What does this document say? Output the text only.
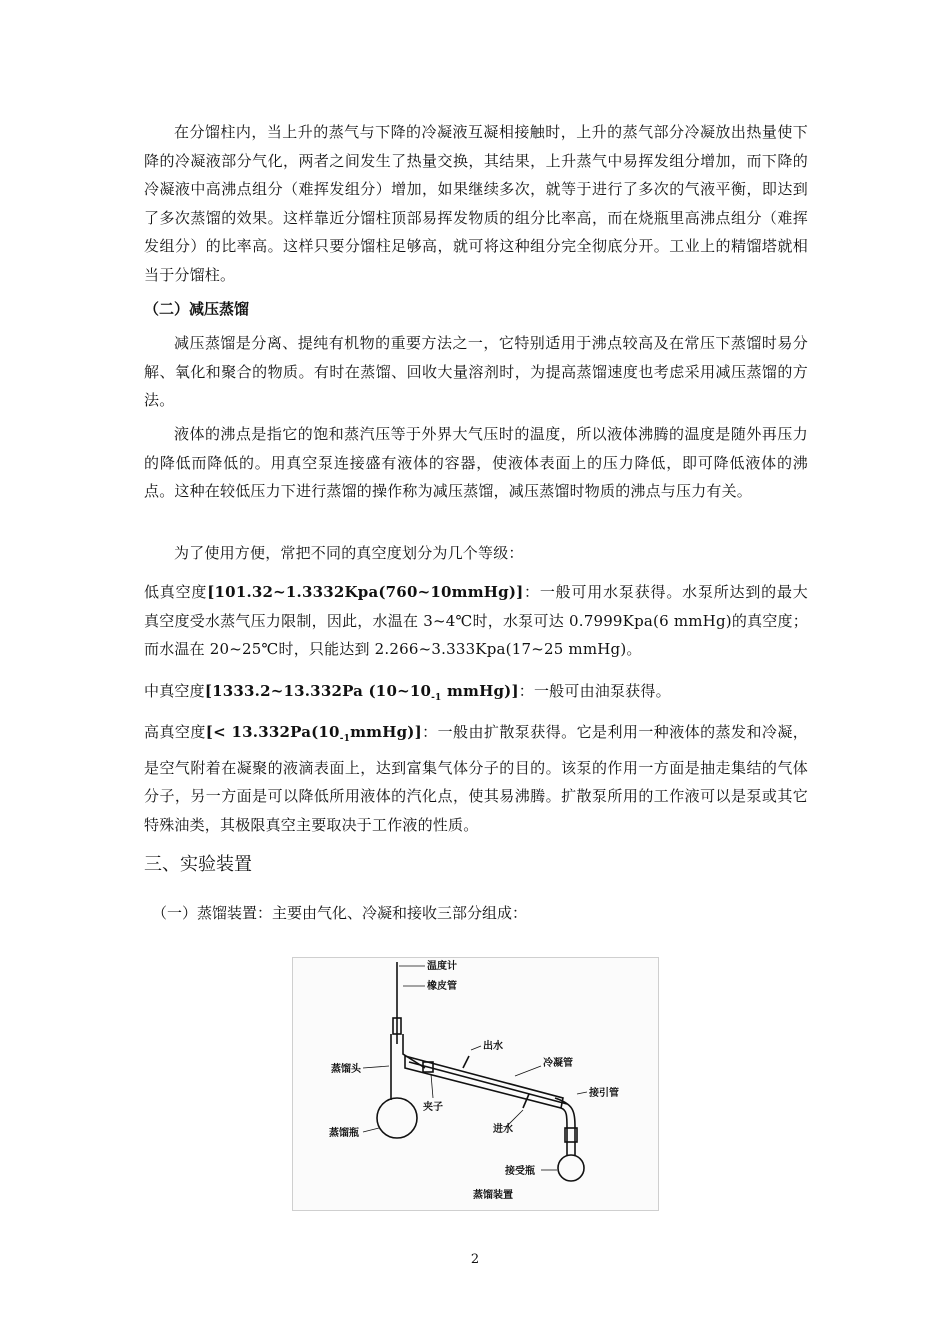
在分馏柱内，当上升的蒸气与下降的冷凝液互凝相接触时，上升的蒸气部分冷凝放出热量使下降的冷凝液部分气化，两者之间发生了热量交换，其结果，上升蒸气中易挥发组分增加，而下降的冷凝液中高沸点组分（难挥发组分）增加，如果继续多次，就等于进行了多次的气液平衡，即达到了多次蒸馏的效果。这样靠近分馏柱顶部易挥发物质的组分比率高，而在烧瓶里高沸点组分（难挥发组分）的比率高。这样只要分馏柱足够高，就可将这种组分完全彻底分开。工业上的精馏塔就相当于分馏柱。

（二）减压蒸馏

减压蒸馏是分离、提纯有机物的重要方法之一，它特别适用于沸点较高及在常压下蒸馏时易分解、氧化和聚合的物质。有时在蒸馏、回收大量溶剂时，为提高蒸馏速度也考虑采用减压蒸馏的方法。

液体的沸点是指它的饱和蒸汽压等于外界大气压时的温度，所以液体沸腾的温度是随外再压力的降低而降低的。用真空泵连接盛有液体的容器，使液体表面上的压力降低，即可降低液体的沸点。这种在较低压力下进行蒸馏的操作称为减压蒸馏，减压蒸馏时物质的沸点与压力有关。

为了使用方便，常把不同的真空度划分为几个等级：

低真空度[101.32~1.3332Kpa(760~10mmHg)]：一般可用水泵获得。水泵所达到的最大真空度受水蒸气压力限制，因此，水温在 3~4℃时，水泵可达 0.7999Kpa(6 mmHg)的真空度；而水温在 20~25℃时，只能达到 2.266~3.333Kpa(17~25 mmHg)。

中真空度[1333.2~13.332Pa ($10\sim 10_{-1}$ mmHg)]：一般可由油泵获得。

高真空度[< $13.332Pa(10_{-1}mmHg)$]：一般由扩散泵获得。它是利用一种液体的蒸发和冷凝，是空气附着在凝聚的液滴表面上，达到富集气体分子的目的。该泵的作用一方面是抽走集结的气体分子，另一方面是可以降低所用液体的汽化点，使其易沸腾。扩散泵所用的工作液可以是泵或其它特殊油类，其极限真空主要取决于工作液的性质。

三、实验装置

（一）蒸馏装置：主要由气化、冷凝和接收三部分组成：

温度计
橡皮管
出水
冷凝管
蒸馏头
接引管
夹子
蒸馏瓶	进水
接受瓶
蒸馏装置
2
